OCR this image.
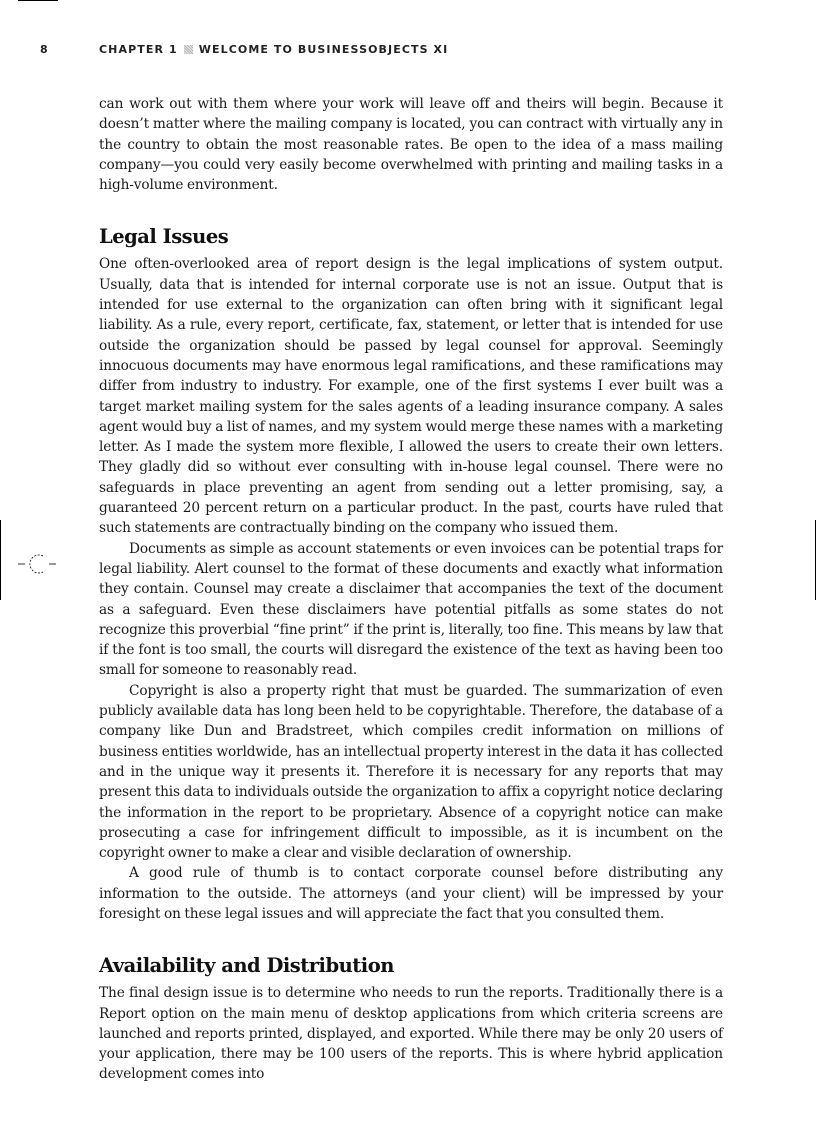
8	CHAPTER 1 WELCOME TO BUSINESSOBJECTS XI

can work out with them where your work will leave off and theirs will begin. Because it doesn’t matter where the mailing company is located, you can contract with virtually any in the country to obtain the most reasonable rates. Be open to the idea of a mass mailing company—you could very easily become overwhelmed with printing and mailing tasks in a high-volume environment.

Legal Issues

One often-overlooked area of report design is the legal implications of system output. Usually, data that is intended for internal corporate use is not an issue. Output that is intended for use external to the organization can often bring with it significant legal liability. As a rule, every report, certificate, fax, statement, or letter that is intended for use outside the organization should be passed by legal counsel for approval. Seemingly innocuous documents may have enormous legal ramifications, and these ramifications may differ from industry to industry. For example, one of the first systems I ever built was a target market mailing system for the sales agents of a leading insurance company. A sales agent would buy a list of names, and my system would merge these names with a marketing letter. As I made the system more flexible, I allowed the users to create their own letters. They gladly did so without ever consulting with in-house legal counsel. There were no safeguards in place preventing an agent from sending out a letter promising, say, a guaranteed 20 percent return on a particular product. In the past, courts have ruled that such statements are contractually binding on the company who issued them.

Documents as simple as account statements or even invoices can be potential traps for legal liability. Alert counsel to the format of these documents and exactly what information they contain. Counsel may create a disclaimer that accompanies the text of the document as a safeguard. Even these disclaimers have potential pitfalls as some states do not recognize this proverbial “fine print” if the print is, literally, too fine. This means by law that if the font is too small, the courts will disregard the existence of the text as having been too small for someone to reasonably read.

Copyright is also a property right that must be guarded. The summarization of even publicly available data has long been held to be copyrightable. Therefore, the database of a company like Dun and Bradstreet, which compiles credit information on millions of business entities worldwide, has an intellectual property interest in the data it has collected and in the unique way it presents it. Therefore it is necessary for any reports that may present this data to individuals outside the organization to affix a copyright notice declaring the information in the report to be proprietary. Absence of a copyright notice can make prosecuting a case for infringement difficult to impossible, as it is incumbent on the copyright owner to make a clear and visible declaration of ownership.

A good rule of thumb is to contact corporate counsel before distributing any information to the outside. The attorneys (and your client) will be impressed by your foresight on these legal issues and will appreciate the fact that you consulted them.

Availability and Distribution

The final design issue is to determine who needs to run the reports. Traditionally there is a Report option on the main menu of desktop applications from which criteria screens are launched and reports printed, displayed, and exported. While there may be only 20 users of your application, there may be 100 users of the reports. This is where hybrid application development comes into
